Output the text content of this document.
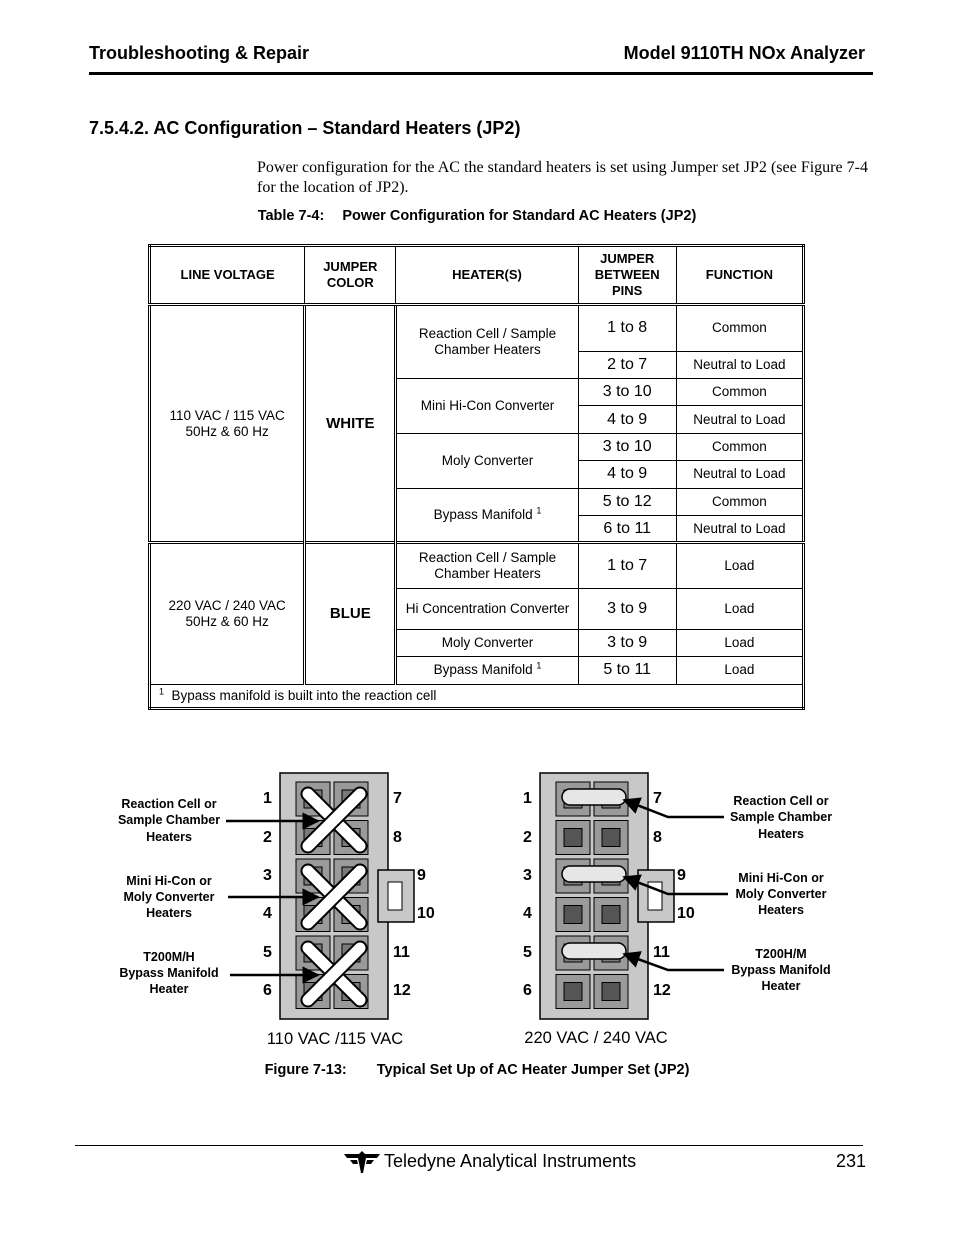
Troubleshooting & Repair	Model 9110TH NOx Analyzer
7.5.4.2. AC Configuration – Standard Heaters (JP2)
Power configuration for the AC the standard heaters is set using Jumper set JP2 (see Figure 7-4 for the location of JP2).
Table 7-4: Power Configuration for Standard AC Heaters (JP2)
LINE VOLTAGE	JUMPER COLOR	HEATER(S)	JUMPER BETWEEN PINS	FUNCTION

110 VAC / 115 VAC
50Hz & 60 Hz	WHITE	Reaction Cell / Sample Chamber Heaters	1 to 8	Common
			2 to 7	Neutral to Load
		Mini Hi-Con Converter	3 to 10	Common
			4 to 9	Neutral to Load
		Moly Converter	3 to 10	Common
			4 to 9	Neutral to Load
		Bypass Manifold $^1$	5 to 12	Common
			6 to 11	Neutral to Load

220 VAC / 240 VAC
50Hz & 60 Hz	BLUE	Reaction Cell / Sample Chamber Heaters	1 to 7	Load
		Hi Concentration Converter	3 to 9	Load
		Moly Converter	3 to 9	Load
		Bypass Manifold $^1$	5 to 11	Load
$^1$ Bypass manifold is built into the reaction cell				
1
2
3
4
5
6
7
8
9
10
11
12
1
2
3
4
5
6
7
8
9
10
11
12
Reaction Cell or
Sample Chamber
Heaters
Mini Hi-Con or
Moly Converter
Heaters
T200M/H
Bypass Manifold
Heater
Reaction Cell or
Sample Chamber
Heaters
Mini Hi-Con or
Moly Converter
Heaters
T200H/M
Bypass Manifold
Heater
110 VAC /115 VAC	220 VAC / 240 VAC
Figure 7-13: Typical Set Up of AC Heater Jumper Set (JP2)
Teledyne Analytical Instruments	231
